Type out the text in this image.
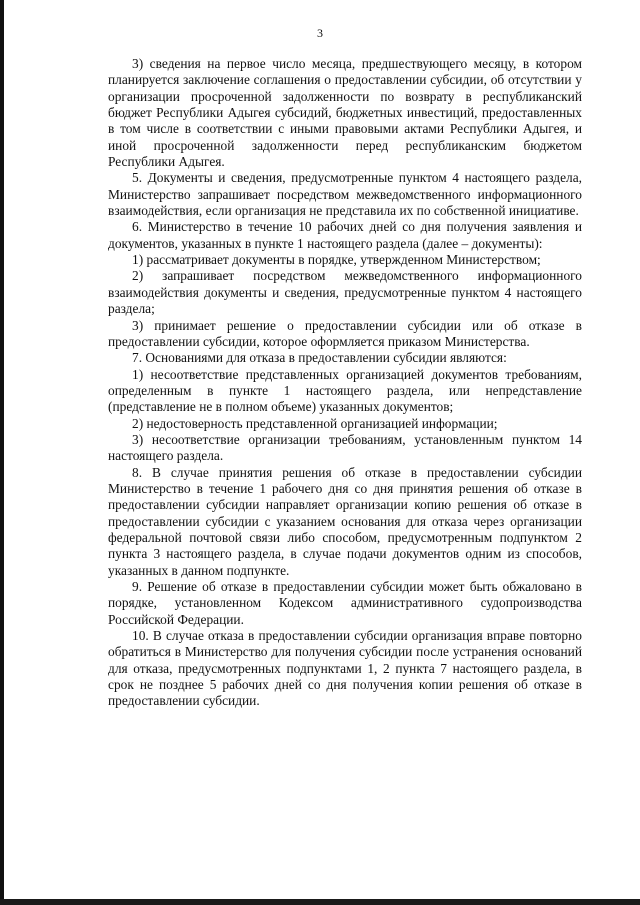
3

3) сведения на первое число месяца, предшествующего месяцу, в котором планируется заключение соглашения о предоставлении субсидии, об отсутствии у организации просроченной задолженности по возврату в республиканский бюджет Республики Адыгея субсидий, бюджетных инвестиций, предоставленных в том числе в соответствии с иными правовыми актами Республики Адыгея, и иной просроченной задолженности перед республиканским бюджетом Республики Адыгея.

5. Документы и сведения, предусмотренные пунктом 4 настоящего раздела, Министерство запрашивает посредством межведомственного информационного взаимодействия, если организация не представила их по собственной инициативе.

6. Министерство в течение 10 рабочих дней со дня получения заявления и документов, указанных в пункте 1 настоящего раздела (далее – документы):

1) рассматривает документы в порядке, утвержденном Министерством;

2) запрашивает посредством межведомственного информационного взаимодействия документы и сведения, предусмотренные пунктом 4 настоящего раздела;

3) принимает решение о предоставлении субсидии или об отказе в предоставлении субсидии, которое оформляется приказом Министерства.

7. Основаниями для отказа в предоставлении субсидии являются:

1) несоответствие представленных организацией документов требованиям, определенным в пункте 1 настоящего раздела, или непредставление (представление не в полном объеме) указанных документов;

2) недостоверность представленной организацией информации;

3) несоответствие организации требованиям, установленным пунктом 14 настоящего раздела.

8. В случае принятия решения об отказе в предоставлении субсидии Министерство в течение 1 рабочего дня со дня принятия решения об отказе в предоставлении субсидии направляет организации копию решения об отказе в предоставлении субсидии с указанием основания для отказа через организации федеральной почтовой связи либо способом, предусмотренным подпунктом 2 пункта 3 настоящего раздела, в случае подачи документов одним из способов, указанных в данном подпункте.

9. Решение об отказе в предоставлении субсидии может быть обжаловано в порядке, установленном Кодексом административного судопроизводства Российской Федерации.

10. В случае отказа в предоставлении субсидии организация вправе повторно обратиться в Министерство для получения субсидии после устранения оснований для отказа, предусмотренных подпунктами 1, 2 пункта 7 настоящего раздела, в срок не позднее 5 рабочих дней со дня получения копии решения об отказе в предоставлении субсидии.
